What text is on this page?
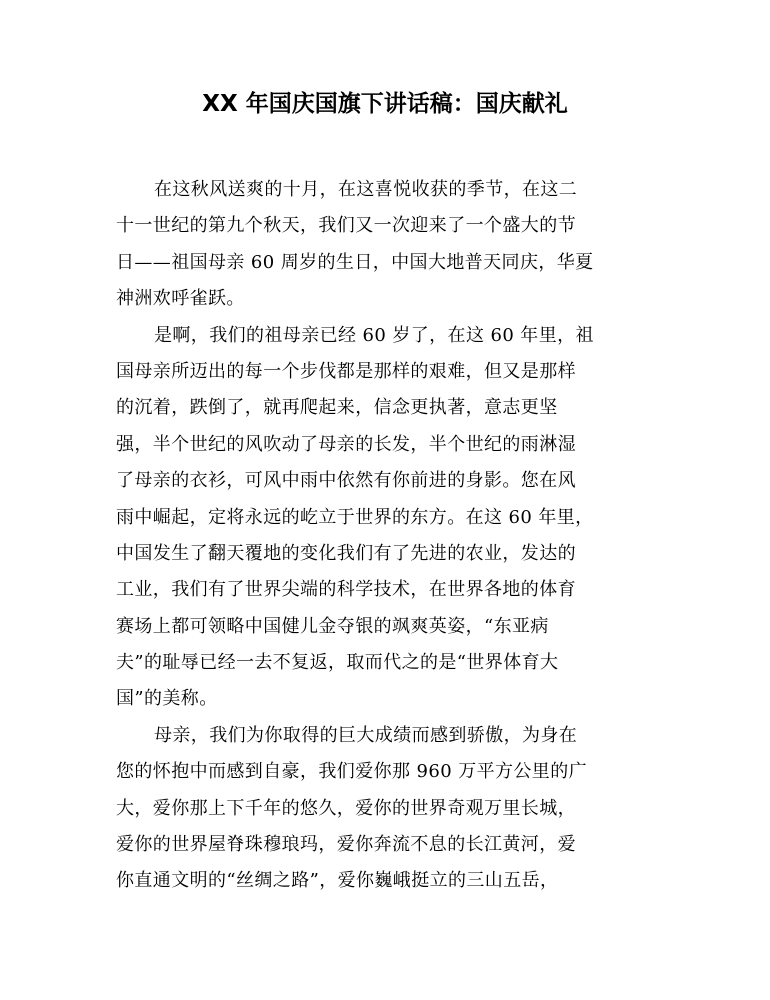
XX 年国庆国旗下讲话稿：国庆献礼

在这秋风送爽的十月，在这喜悦收获的季节，在这二
十一世纪的第九个秋天，我们又一次迎来了一个盛大的节
日——祖国母亲 60 周岁的生日，中国大地普天同庆，华夏
神洲欢呼雀跃。

是啊，我们的祖母亲已经 60 岁了，在这 60 年里，祖
国母亲所迈出的每一个步伐都是那样的艰难，但又是那样
的沉着，跌倒了，就再爬起来，信念更执著，意志更坚
强，半个世纪的风吹动了母亲的长发，半个世纪的雨淋湿
了母亲的衣衫，可风中雨中依然有你前进的身影。您在风
雨中崛起，定将永远的屹立于世界的东方。在这 60 年里，
中国发生了翻天覆地的变化我们有了先进的农业，发达的
工业，我们有了世界尖端的科学技术，在世界各地的体育
赛场上都可领略中国健儿金夺银的飒爽英姿，“东亚病
夫”的耻辱已经一去不复返，取而代之的是“世界体育大
国”的美称。

母亲，我们为你取得的巨大成绩而感到骄傲，为身在
您的怀抱中而感到自豪，我们爱你那 960 万平方公里的广
大，爱你那上下千年的悠久，爱你的世界奇观万里长城，
爱你的世界屋脊珠穆琅玛，爱你奔流不息的长江黄河，爱
你直通文明的“丝绸之路”，爱你巍峨挺立的三山五岳，
